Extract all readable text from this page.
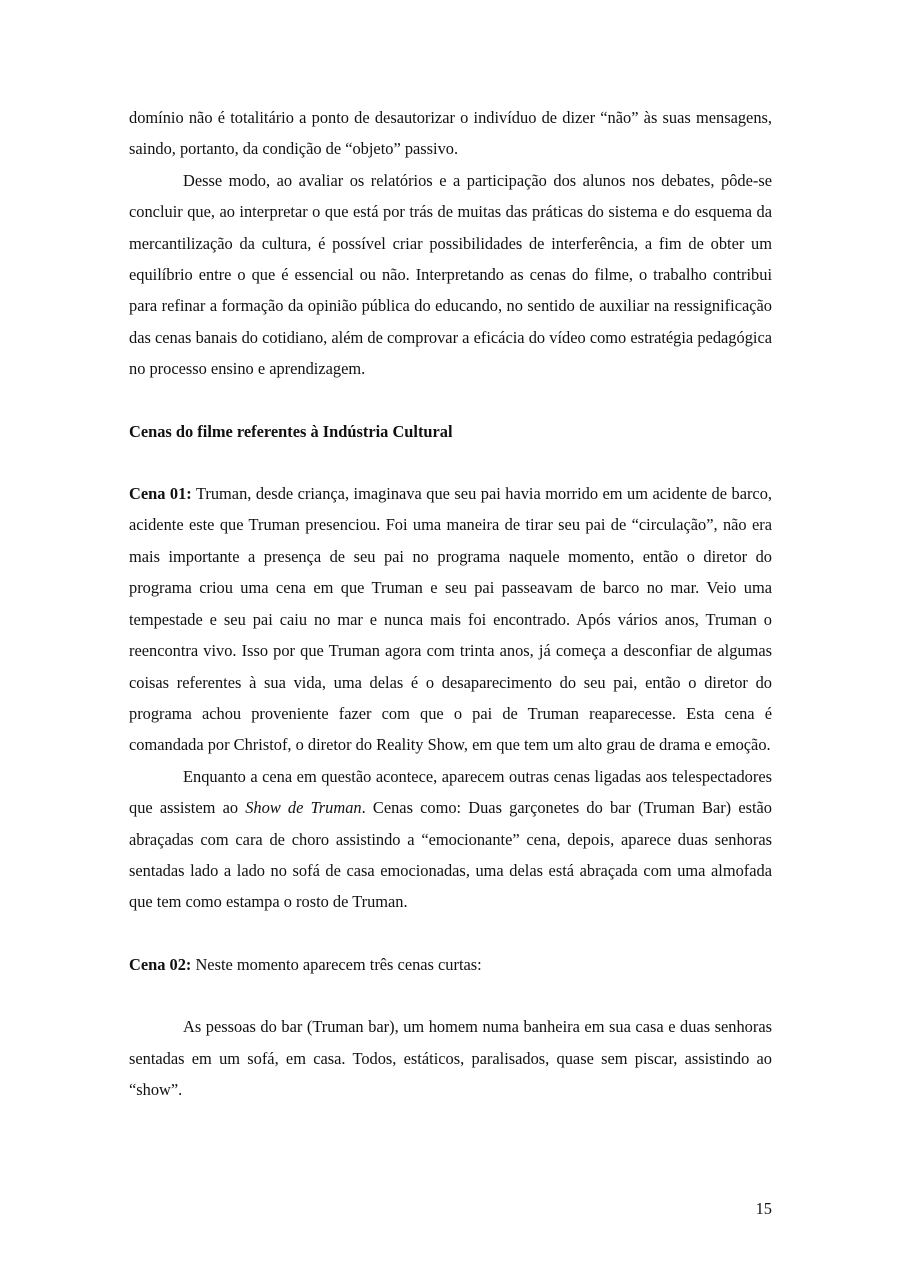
domínio não é totalitário a ponto de desautorizar o indivíduo de dizer “não” às suas mensagens, saindo, portanto, da condição de “objeto” passivo.

Desse modo, ao avaliar os relatórios e a participação dos alunos nos debates, pôde-se concluir que, ao interpretar o que está por trás de muitas das práticas do sistema e do esquema da mercantilização da cultura, é possível criar possibilidades de interferência, a fim de obter um equilíbrio entre o que é essencial ou não. Interpretando as cenas do filme, o trabalho contribui para refinar a formação da opinião pública do educando, no sentido de auxiliar na ressignificação das cenas banais do cotidiano, além de comprovar a eficácia do vídeo como estratégia pedagógica no processo ensino e aprendizagem.

Cenas do filme referentes à Indústria Cultural

Cena 01: Truman, desde criança, imaginava que seu pai havia morrido em um acidente de barco, acidente este que Truman presenciou. Foi uma maneira de tirar seu pai de “circulação”, não era mais importante a presença de seu pai no programa naquele momento, então o diretor do programa criou uma cena em que Truman e seu pai passeavam de barco no mar. Veio uma tempestade e seu pai caiu no mar e nunca mais foi encontrado. Após vários anos, Truman o reencontra vivo. Isso por que Truman agora com trinta anos, já começa a desconfiar de algumas coisas referentes à sua vida, uma delas é o desaparecimento do seu pai, então o diretor do programa achou proveniente fazer com que o pai de Truman reaparecesse. Esta cena é comandada por Christof, o diretor do Reality Show, em que tem um alto grau de drama e emoção.

Enquanto a cena em questão acontece, aparecem outras cenas ligadas aos telespectadores que assistem ao Show de Truman. Cenas como: Duas garçonetes do bar (Truman Bar) estão abraçadas com cara de choro assistindo a “emocionante” cena, depois, aparece duas senhoras sentadas lado a lado no sofá de casa emocionadas, uma delas está abraçada com uma almofada que tem como estampa o rosto de Truman.

Cena 02: Neste momento aparecem três cenas curtas:

As pessoas do bar (Truman bar), um homem numa banheira em sua casa e duas senhoras sentadas em um sofá, em casa. Todos, estáticos, paralisados, quase sem piscar, assistindo ao “show”.

15
